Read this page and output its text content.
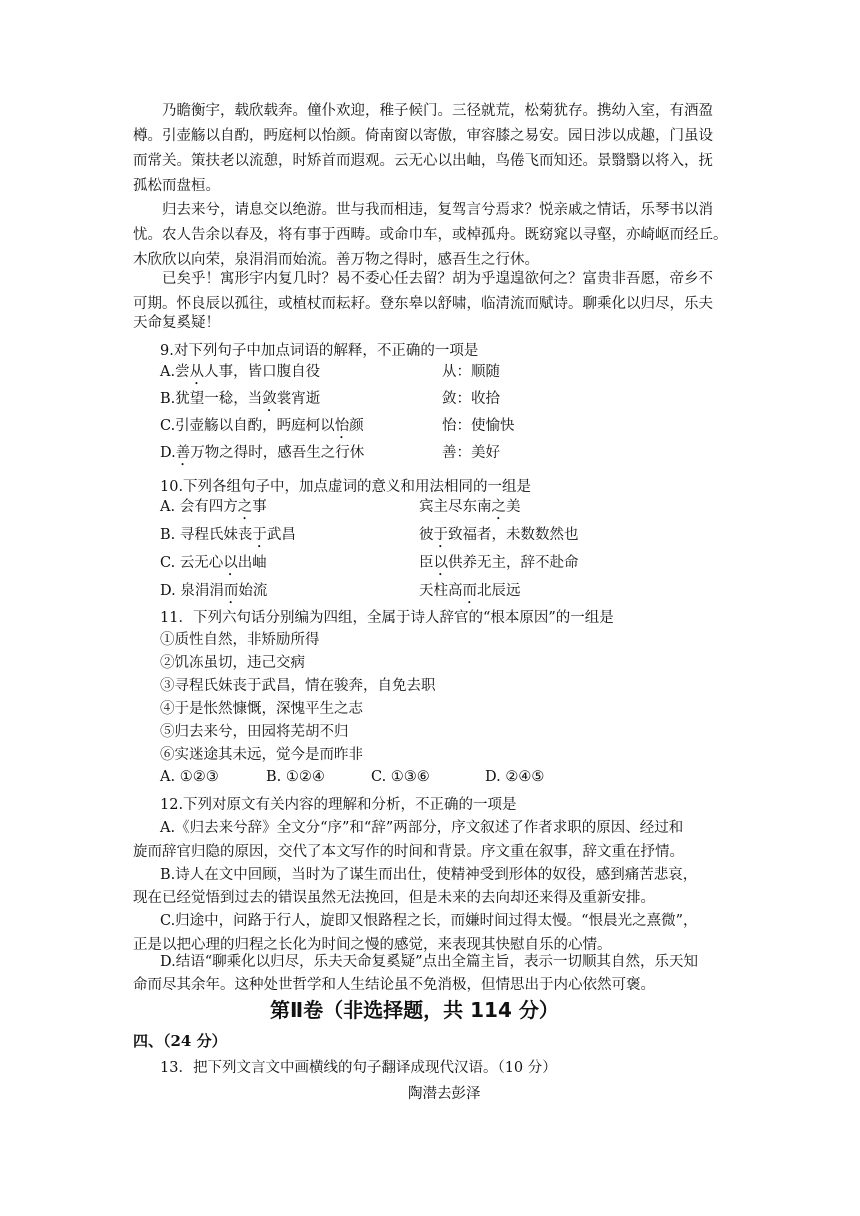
乃瞻衡宇，载欣载奔。僮仆欢迎，稚子候门。三径就荒，松菊犹存。携幼入室，有酒盈
樽。引壶觞以自酌，眄庭柯以怡颜。倚南窗以寄傲，审容膝之易安。园日涉以成趣，门虽设
而常关。策扶老以流憩，时矫首而遐观。云无心以出岫，鸟倦飞而知还。景翳翳以将入，抚
孤松而盘桓。
归去来兮，请息交以绝游。世与我而相违，复驾言兮焉求？悦亲戚之情话，乐琴书以消
忧。农人告余以春及，将有事于西畴。或命巾车，或棹孤舟。既窈窕以寻壑，亦崎岖而经丘。
木欣欣以向荣，泉涓涓而始流。善万物之得时，感吾生之行休。
已矣乎！寓形宇内复几时？曷不委心任去留？胡为乎遑遑欲何之？富贵非吾愿，帝乡不
可期。怀良辰以孤往，或植杖而耘耔。登东皋以舒啸，临清流而赋诗。聊乘化以归尽，乐夫
天命复奚疑！
9.对下列句子中加点词语的解释，不正确的一项是
A.尝从人事，皆口腹自役	从：顺随
B.犹望一稔，当敛裳宵逝	敛：收拾
C.引壶觞以自酌，眄庭柯以怡颜	怡：使愉快
D.善万物之得时，感吾生之行休	善：美好
10.下列各组句子中，加点虚词的意义和用法相同的一组是
A. 会有四方之事	宾主尽东南之美
B. 寻程氏妹丧于武昌	彼于致福者，未数数然也
C. 云无心以出岫	臣以供养无主，辞不赴命
D. 泉涓涓而始流	天柱高而北辰远
11．下列六句话分别编为四组，全属于诗人辞官的“根本原因”的一组是
①质性自然，非矫励所得
②饥冻虽切，违己交病
③寻程氏妹丧于武昌，情在骏奔，自免去职
④于是怅然慷慨，深愧平生之志
⑤归去来兮，田园将芜胡不归
⑥实迷途其未远，觉今是而昨非
A. ①②③	B. ①②④	C. ①③⑥	D. ②④⑤
12.下列对原文有关内容的理解和分析，不正确的一项是
A.《归去来兮辞》全文分“序”和“辞”两部分，序文叙述了作者求职的原因、经过和
旋而辞官归隐的原因，交代了本文写作的时间和背景。序文重在叙事，辞文重在抒情。
B.诗人在文中回顾，当时为了谋生而出仕，使精神受到形体的奴役，感到痛苦悲哀，
现在已经觉悟到过去的错误虽然无法挽回，但是未来的去向却还来得及重新安排。
C.归途中，问路于行人，旋即又恨路程之长，而嫌时间过得太慢。“恨晨光之熹微”，
正是以把心理的归程之长化为时间之慢的感觉，来表现其快慰自乐的心情。
D.结语“聊乘化以归尽，乐夫天命复奚疑”点出全篇主旨，表示一切顺其自然，乐天知
命而尽其余年。这种处世哲学和人生结论虽不免消极，但情思出于内心依然可褒。
第Ⅱ卷（非选择题，共 114 分）
四、（24 分）
13．把下列文言文中画横线的句子翻译成现代汉语。（10 分）
陶潜去彭泽
